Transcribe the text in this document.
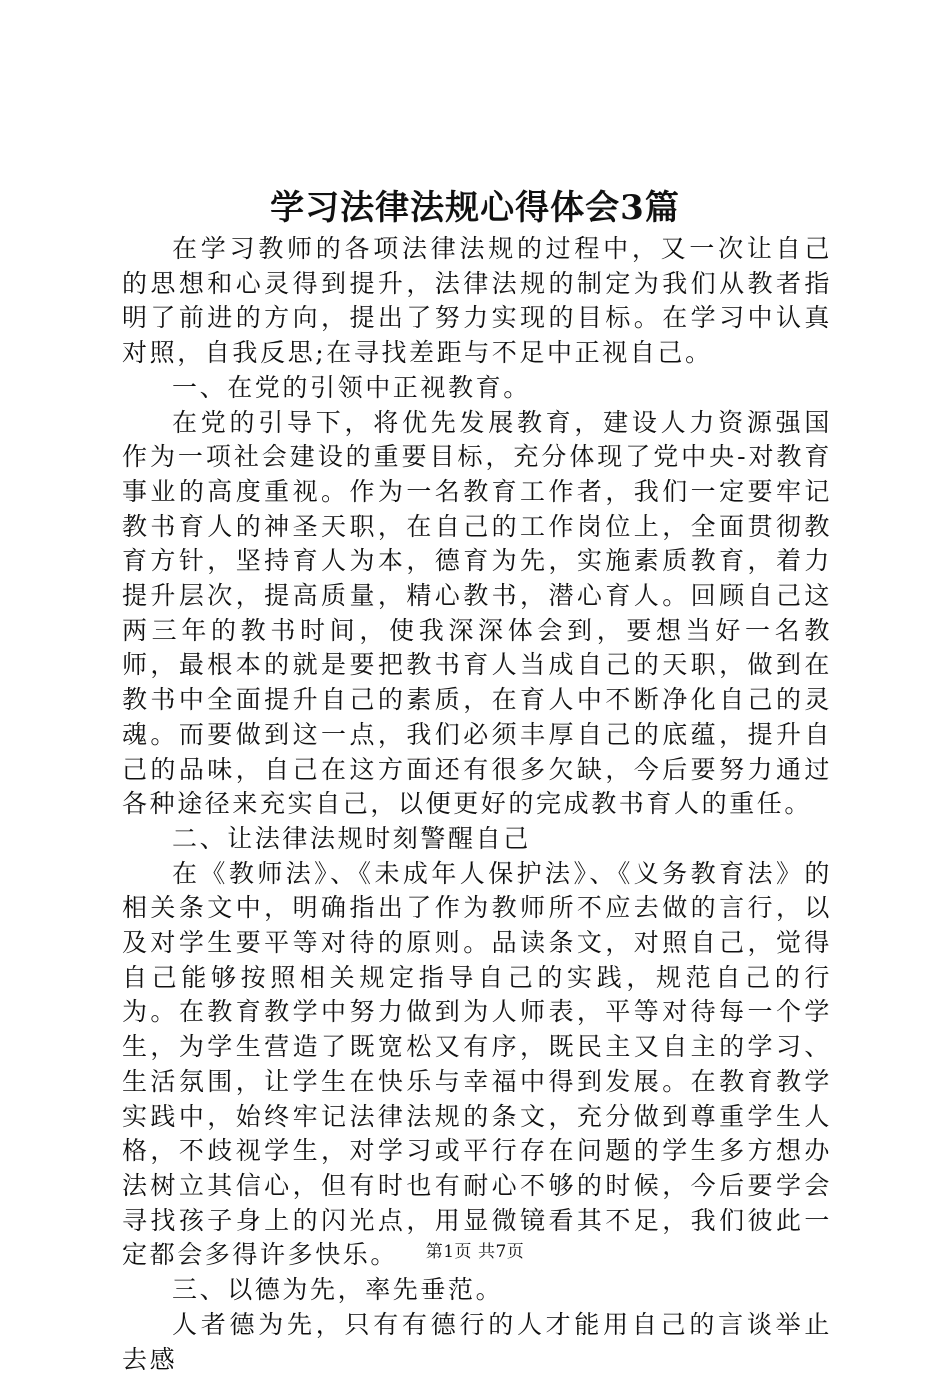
学习法律法规心得体会3篇

在学习教师的各项法律法规的过程中，又一次让自己的思想和心灵得到提升，法律法规的制定为我们从教者指明了前进的方向，提出了努力实现的目标。在学习中认真对照，自我反思;在寻找差距与不足中正视自己。

一、在党的引领中正视教育。

在党的引导下，将优先发展教育，建设人力资源强国作为一项社会建设的重要目标，充分体现了党中央-对教育事业的高度重视。作为一名教育工作者，我们一定要牢记教书育人的神圣天职，在自己的工作岗位上，全面贯彻教育方针，坚持育人为本，德育为先，实施素质教育，着力提升层次，提高质量，精心教书，潜心育人。回顾自己这两三年的教书时间，使我深深体会到，要想当好一名教师，最根本的就是要把教书育人当成自己的天职，做到在教书中全面提升自己的素质，在育人中不断净化自己的灵魂。而要做到这一点，我们必须丰厚自己的底蕴，提升自己的品味，自己在这方面还有很多欠缺，今后要努力通过各种途径来充实自己，以便更好的完成教书育人的重任。

二、让法律法规时刻警醒自己

在《教师法》、《未成年人保护法》、《义务教育法》的相关条文中，明确指出了作为教师所不应去做的言行，以及对学生要平等对待的原则。品读条文，对照自己，觉得自己能够按照相关规定指导自己的实践，规范自己的行为。在教育教学中努力做到为人师表，平等对待每一个学生，为学生营造了既宽松又有序，既民主又自主的学习、生活氛围，让学生在快乐与幸福中得到发展。在教育教学实践中，始终牢记法律法规的条文，充分做到尊重学生人格，不歧视学生，对学习或平行存在问题的学生多方想办法树立其信心，但有时也有耐心不够的时候，今后要学会寻找孩子身上的闪光点，用显微镜看其不足，我们彼此一定都会多得许多快乐。

三、以德为先，率先垂范。

人者德为先，只有有德行的人才能用自己的言谈举止去感

第1页 共7页
